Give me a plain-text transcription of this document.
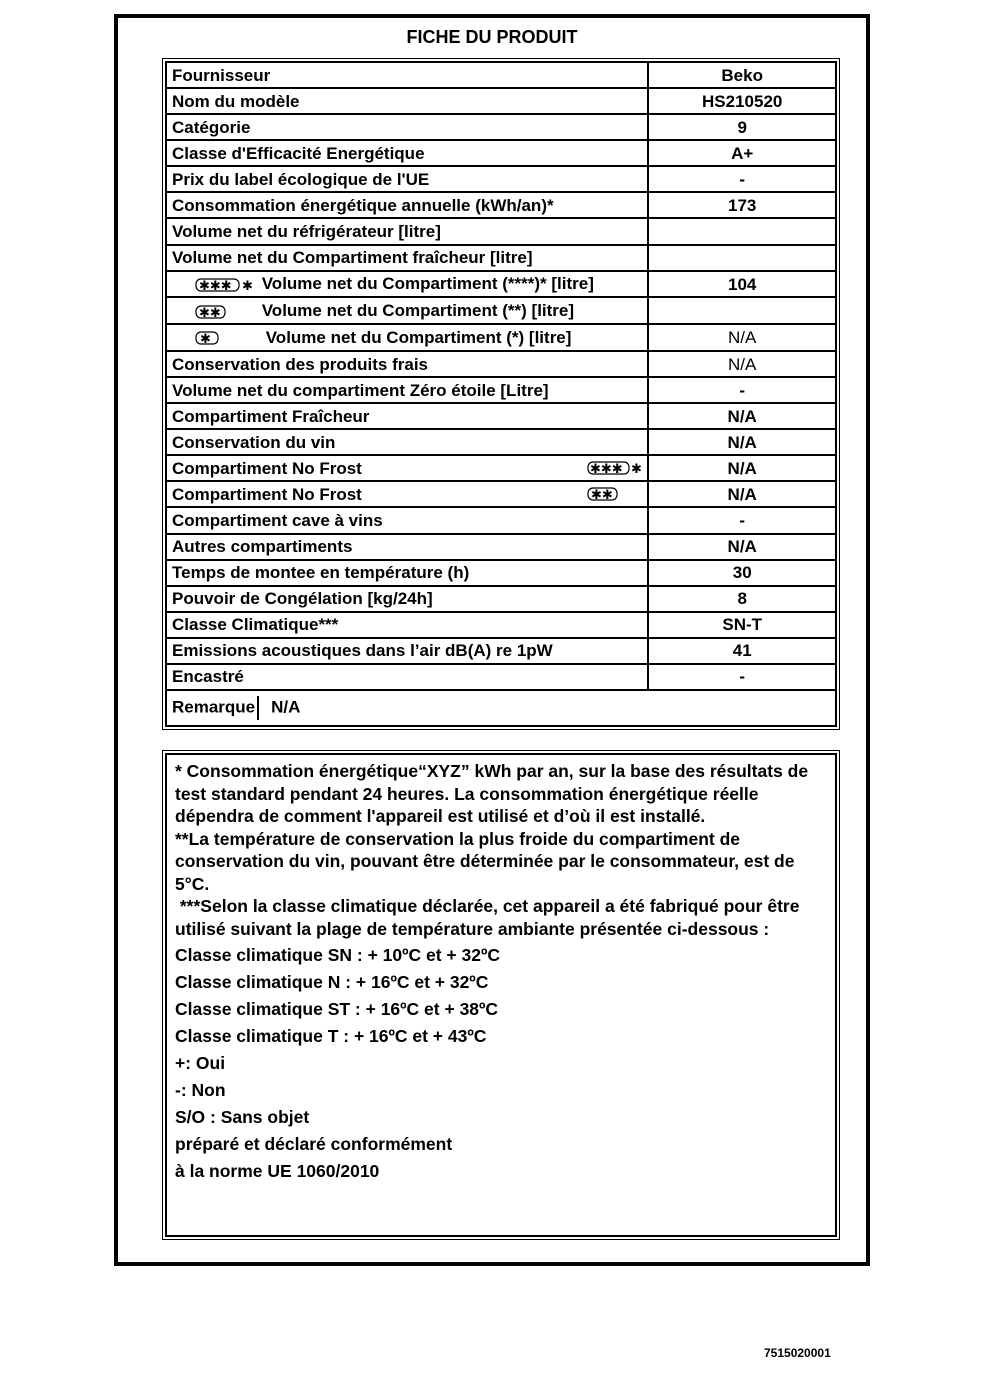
FICHE DU PRODUIT
Fournisseur	Beko
Nom du modèle	HS210520
Catégorie	9
Classe d'Efficacité Energétique	A+
Prix du label écologique de l'UE	-
Consommation énergétique annuelle (kWh/an)*	173
Volume net du réfrigérateur [litre]	
Volume net du Compartiment fraîcheur [litre]	

✱✱✱ ✱ Volume net du Compartiment (****)* [litre]	104

✱✱ Volume net du Compartiment (**) [litre]	

✱ Volume net du Compartiment (*) [litre]	N/A
Conservation des produits frais	N/A
Volume net du compartiment Zéro étoile [Litre]	-
Compartiment Fraîcheur	N/A
Conservation du vin	N/A

Compartiment No Frost ✱✱✱ ✱	N/A

Compartiment No Frost ✱✱	N/A
Compartiment cave à vins	-
Autres compartiments	N/A
Temps de montee en température (h)	30
Pouvoir de Congélation [kg/24h]	8
Classe Climatique***	SN-T
Emissions acoustiques dans l’air dB(A) re 1pW	41
Encastré	-
Remarque N/A	
* Consommation énergétique“XYZ” kWh par an, sur la base des résultats de test standard pendant 24 heures. La consommation énergétique réelle dépendra de comment l'appareil est utilisé et d’où il est installé.
**La température de conservation la plus froide du compartiment de conservation du vin, pouvant être déterminée par le consommateur, est de 5°C.
***Selon la classe climatique déclarée, cet appareil a été fabriqué pour être utilisé suivant la plage de température ambiante présentée ci-dessous :
Classe climatique SN : + 10ºC et + 32ºC
Classe climatique N : + 16ºC et + 32ºC
Classe climatique ST : + 16ºC et + 38ºC
Classe climatique T : + 16ºC et + 43ºC
+: Oui
-: Non
S/O : Sans objet
préparé et déclaré conformément
à la norme UE 1060/2010
7515020001
